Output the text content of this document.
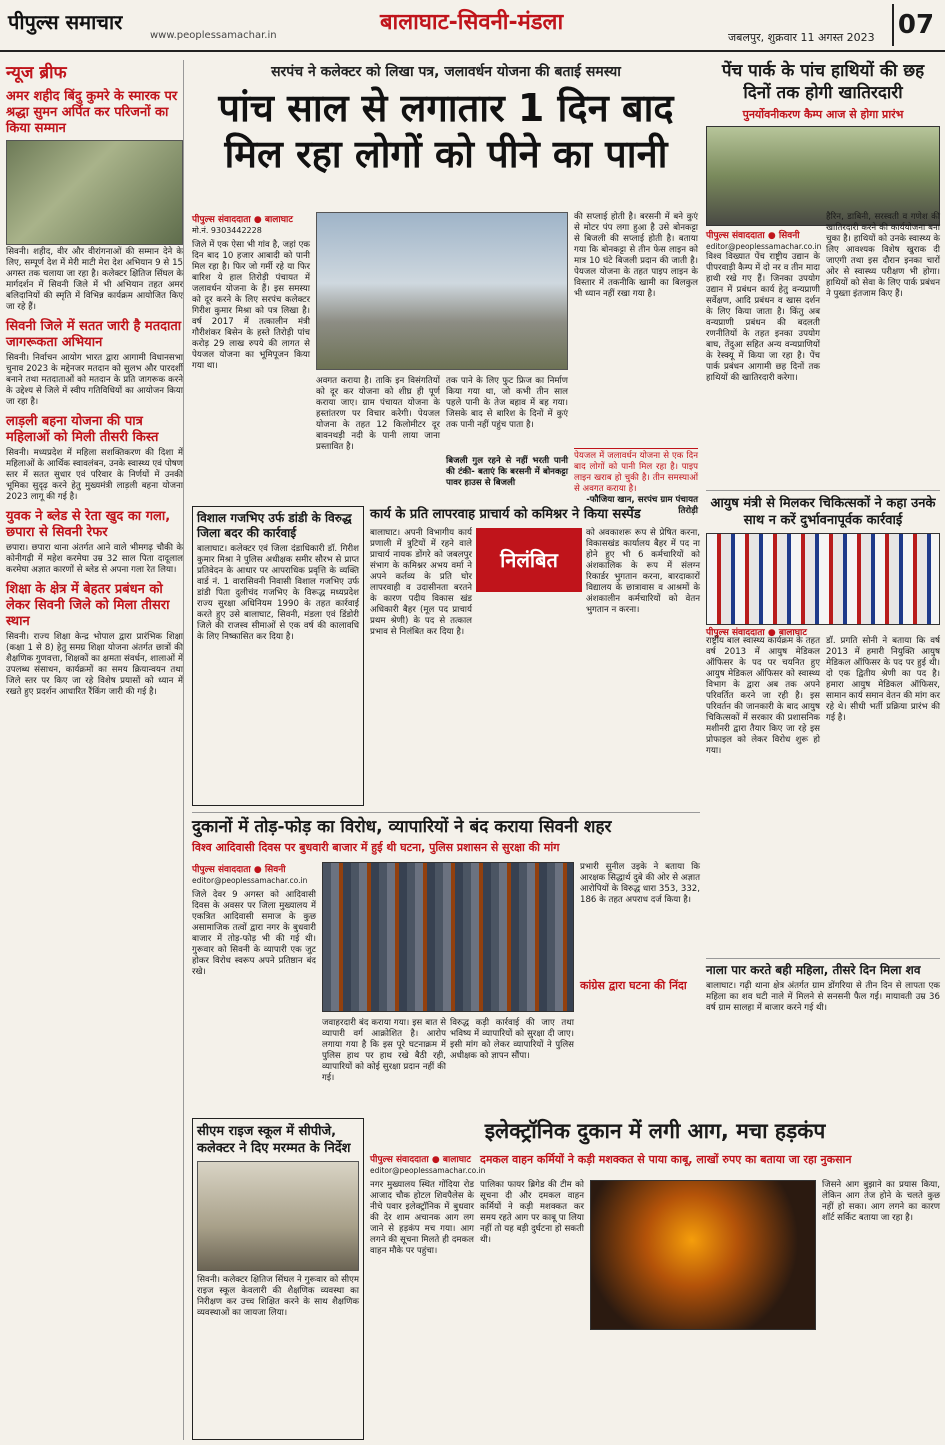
पीपुल्स समाचार
www.peoplessamachar.in
बालाघाट-सिवनी-मंडला
जबलपुर, शुक्रवार 11 अगस्त 2023 07
न्यूज ब्रीफ
अमर शहीद बिंदु कुमरे के स्मारक पर श्रद्धा सुमन अर्पित कर परिजनों का किया सम्मान

सिवनी। शहीद, वीर और वीरांगनाओं की सम्मान देने के लिए, सम्पूर्ण देश में मेरी माटी मेरा देश अभियान 9 से 15 अगस्त तक चलाया जा रहा है। कलेक्टर क्षितिज सिंघल के मार्गदर्शन में सिवनी जिले में भी अभियान तहत अमर बलिदानियों की स्मृति में विभिन्न कार्यक्रम आयोजित किए जा रहे हैं।

सिवनी जिले में सतत जारी है मतदाता जागरूकता अभियान

सिवनी। निर्वाचन आयोग भारत द्वारा आगामी विधानसभा चुनाव 2023 के मद्देनजर मतदान को सुलभ और पारदर्शी बनाने तथा मतदाताओं को मतदान के प्रति जागरूक करने के उद्देश्य से जिले में स्वीप गतिविधियों का आयोजन किया जा रहा है।

लाड़ली बहना योजना की पात्र महिलाओं को मिली तीसरी किस्त

सिवनी। मध्यप्रदेश में महिला सशक्तिकरण की दिशा में महिलाओं के आर्थिक स्वावलंबन, उनके स्वास्थ्य एवं पोषण स्तर में सतत सुधार एवं परिवार के निर्णयों में उनकी भूमिका सुदृढ़ करने हेतु मुख्यमंत्री लाड़ली बहना योजना 2023 लागू की गई है।

युवक ने ब्लेड से रेता खुद का गला, छपारा से सिवनी रेफर

छपारा। छपारा थाना अंतर्गत आने वाले भीमगढ़ चौकी के कोनीगढ़ी में महेश करमेघा उम्र 32 साल पिता दादूलाल करमेघा अज्ञात कारणों से ब्लेड से अपना गला रेत लिया।

शिक्षा के क्षेत्र में बेहतर प्रबंधन को लेकर सिवनी जिले को मिला तीसरा स्थान

सिवनी। राज्य शिक्षा केन्द्र भोपाल द्वारा प्रारंभिक शिक्षा (कक्षा 1 से 8) हेतु समग्र शिक्षा योजना अंतर्गत छात्रों की शैक्षणिक गुणवत्ता, शिक्षकों का क्षमता संवर्धन, शालाओं में उपलब्ध संसाधन, कार्यक्रमों का समय क्रियान्वयन तथा जिले स्तर पर किए जा रहे विशेष प्रयासों को ध्यान में रखते हुए प्रदर्शन आधारित रैंकिंग जारी की गई है।

सरपंच ने कलेक्टर को लिखा पत्र, जलावर्धन योजना की बताई समस्या
पांच साल से लगातार 1 दिन बाद
मिल रहा लोगों को पीने का पानी
पीपुल्स संवाददाता ● बालाघाट
मो.नं. 9303442228
जिले में एक ऐसा भी गांव है, जहां एक दिन बाद 10 हजार आबादी को पानी मिल रहा है। फिर जो गर्मी रहे या फिर बारिश ये हाल तिरोड़ी पंचायत में जलावर्धन योजना के हैं। इस समस्या को दूर करने के लिए सरपंच कलेक्टर गिरीश कुमार मिश्रा को पत्र लिखा है। वर्ष 2017 में तत्कालीन मंत्री गौरीशंकर बिसेन के हस्ते तिरोड़ी पांच करोड़ 29 लाख रुपये की लागत से पेयजल योजना का भूमिपूजन किया गया था।
अवगत कराया है। ताकि इन विसंगतियों को दूर कर योजना को शीघ्र ही पूर्ण कराया जाए। ग्राम पंचायत योजना के हस्तांतरण पर विचार करेगी। पेयजल योजना के तहत 12 किलोमीटर दूर बावनथड़ी नदी के पानी लाया जाना प्रस्तावित है।
तक पाने के लिए फुट फ्रिज का निर्माण किया गया था, जो कभी तीन साल पहले पानी के तेज बहाव में बह गया। जिसके बाद से बारिश के दिनों में कुएं तक पानी नहीं पहुंच पाता है।
की सप्लाई होती है। बरसनी में बने कुएं से मोटर पंप लगा हुआ है उसे बोनकट्टा से बिजली की सप्लाई होती है। बताया गया कि बोनकट्टा से तीन फेस लाइन को मात्र 10 घंटे बिजली प्रदान की जाती है। पेयजल योजना के तहत पाइप लाइन के विस्तार में तकनीकि खामी का बिलकुल भी ध्यान नहीं रखा गया है।
पेयजल में जलावर्धन योजना से एक दिन बाद लोगों को पानी मिल रहा है। पाइप लाइन खराब हो चुकी है। तीन समस्याओं से अवगत कराया है।
-फौजिया खान, सरपंच ग्राम पंचायत तिरोड़ी
बिजली गुल रहने से नहीं भरती पानी की टंकी- बताएं कि बरसनी में बोनकट्टा पावर हाउस से बिजली
पेंच पार्क के पांच हाथियों की छह दिनों तक होगी खातिरदारी
पुनर्योवनीकरण कैम्प आज से होगा प्रारंभ
पीपुल्स संवाददाता ● सिवनी
editor@peoplessamachar.co.in
विश्व विख्यात पेंच राष्ट्रीय उद्यान के पीपरवाड़ी कैम्प में दो नर व तीन मादा हाथी रखे गए हैं। जिनका उपयोग उद्यान में प्रबंधन कार्य हेतु वन्यप्राणी सर्वेक्षण, आदि प्रबंधन व खास दर्शन के लिए किया जाता है। किंतु अब वन्यप्राणी प्रबंधन की बदलती रणनीतियों के तहत इनका उपयोग बाघ, तेंदुआ सहित अन्य वन्यप्राणियों के रेस्क्यू में किया जा रहा है। पेंच पार्क प्रबंधन आगामी छह दिनों तक हाथियों की खातिरदारी करेगा।
हैरिन, डाबिनी, सरस्वती व गणेश की खातिरदारी करने की कार्ययोजना बना चुका है। हाथियों को उनके स्वास्थ्य के लिए आवश्यक विशेष खुराक दी जाएगी तथा इस दौरान इनका चारों ओर से स्वास्थ्य परीक्षण भी होगा। हाथियों को सेवा के लिए पार्क प्रबंधन ने पुख्ता इंतजाम किए हैं।
आयुष मंत्री से मिलकर चिकित्सकों ने कहा उनके साथ न करें दुर्भावनापूर्वक कार्रवाई
पीपुल्स संवाददाता ● बालाघाट
राष्ट्रीय बाल स्वास्थ्य कार्यक्रम के तहत वर्ष 2013 में आयुष मेडिकल ऑफिसर के पद पर चयनित हुए आयुष मेडिकल ऑफिसर को स्वास्थ्य विभाग के द्वारा अब तक अपने परिवर्तित करने जा रही है। इस परिवर्तन की जानकारी के बाद आयुष चिकित्सकों में सरकार की प्रशासनिक मशीनरी द्वारा तैयार किए जा रहे इस प्रोफाइल को लेकर विरोध शुरू हो गया।
डॉ. प्रगति सोनी ने बताया कि वर्ष 2013 में हमारी नियुक्ति आयुष मेडिकल ऑफिसर के पद पर हुई थी। दो एक द्वितीय श्रेणी का पद है। हमारा आयुष मेडिकल ऑफिसर, सामान कार्य समान वेतन की मांग कर रहे थे। सीधी भर्ती प्रक्रिया प्रारंभ की गई है।
नाला पार करते बही महिला, तीसरे दिन मिला शव
बालाघाट। गढ़ी थाना क्षेत्र अंतर्गत ग्राम डोंगरिया से तीन दिन से लापता एक महिला का शव घटी नाले में मिलने से सनसनी फैल गई। मायावती उम्र 36 वर्ष ग्राम सालहा में बाजार करने गई थी।
विशाल गजभिए उर्फ डांडी के विरुद्ध जिला बदर की कार्रवाई
बालाघाट। कलेक्टर एवं जिला दंडाधिकारी डॉ. गिरीश कुमार मिश्रा ने पुलिस अधीक्षक समीर सौरभ से प्राप्त प्रतिवेदन के आधार पर आपराधिक प्रवृत्ति के व्यक्ति वार्ड नं. 1 वारासिवनी निवासी विशाल गजभिए उर्फ डांडी पिता दुलीचंद गजभिए के विरूद्ध मध्यप्रदेश राज्य सुरक्षा अधिनियम 1990 के तहत कार्रवाई करते हुए उसे बालाघाट, सिवनी, मंडला एवं डिंडोरी जिले की राजस्व सीमाओं से एक वर्ष की कालावधि के लिए निष्कासित कर दिया है।
कार्य के प्रति लापरवाह प्राचार्य को कमिश्नर ने किया सस्पेंड
निलंबित
बालाघाट। अपनी विभागीय कार्य प्रणाली में त्रुटियों में रहने वाले प्राचार्य नायक डोंगरे को जबलपुर संभाग के कमिश्नर अभय वर्मा ने अपने कर्तव्य के प्रति घोर लापरवाही व उदासीनता बरतने के कारण पदीय विकास खंड अधिकारी बैहर (मूल पद प्राचार्य प्रथम श्रेणी) के पद से तत्काल प्रभाव से निलंबित कर दिया है।
को अवकाशरू रूप से प्रेषित करना, विकासखंड कार्यालय बैहर में पद ना होने हुए भी 6 कर्मचारियों को अंशकालिक के रूप में संलग्न रिकार्डर भुगतान करना, बारदाकारों विद्यालय के छात्रावास व आश्रमों के अंशकालीन कर्मचारियों को वेतन भुगतान न करना।
दुकानों में तोड़-फोड़ का विरोध, व्यापारियों ने बंद कराया सिवनी शहर
विश्व आदिवासी दिवस पर बुधवारी बाजार में हुई थी घटना, पुलिस प्रशासन से सुरक्षा की मांग
पीपुल्स संवाददाता ● सिवनी
editor@peoplessamachar.co.in
जिले देवर 9 अगस्त को आदिवासी दिवस के अवसर पर जिला मुख्यालय में एकत्रित आदिवासी समाज के कुछ असामाजिक तत्वों द्वारा नगर के बुधवारी बाजार में तोड़-फोड़ भी की गई थी। गुरूवार को सिवनी के व्यापारी एक जुट होकर विरोध स्वरूप अपने प्रतिष्ठान बंद रखे।
जवाहरदारी बंद कराया गया। इस बात से व्यापारी वर्ग आक्रोशित है। आरोप लगाया गया है कि इस पूरे घटनाक्रम में पुलिस हाथ पर हाथ रखे बैठी रही, व्यापारियों को कोई सुरक्षा प्रदान नहीं की गई।
विरुद्ध कड़ी कार्रवाई की जाए तथा भविष्य में व्यापारियों को सुरक्षा दी जाए। इसी मांग को लेकर व्यापारियों ने पुलिस अधीक्षक को ज्ञापन सौंपा।
प्रभारी सुनील उइके ने बताया कि आरक्षक सिद्धार्थ दुबे की ओर से अज्ञात आरोपियों के विरुद्ध धारा 353, 332, 186 के तहत अपराध दर्ज किया है।
कांग्रेस द्वारा घटना की निंदा
सीएम राइज स्कूल में सीपीजे, कलेक्टर ने दिए मरम्मत के निर्देश
सिवनी। कलेक्टर क्षितिज सिंघल ने गुरूवार को सीएम राइज स्कूल केवलारी की शैक्षणिक व्यवस्था का निरीक्षण कर उच्च शिक्षित करने के साथ शैक्षणिक व्यवस्थाओं का जायजा लिया।
इलेक्ट्रॉनिक दुकान में लगी आग, मचा हड़कंप
पीपुल्स संवाददाता ● बालाघाट
editor@peoplessamachar.co.in
दमकल वाहन कर्मियों ने कड़ी मशक्कत से पाया काबू, लाखों रुपए का बताया जा रहा नुकसान
नगर मुख्यालय स्थित गोंदिया रोड आजाद चौक होटल शिवपैलेस के नीचे पवार इलेक्ट्रॉनिक में बुधवार की देर शाम अचानक आग लग जाने से हड़कंप मच गया। आग लगने की सूचना मिलते ही दमकल वाहन मौके पर पहुंचा।
पालिका फायर ब्रिगेड की टीम को सूचना दी और दमकल वाहन कर्मियों ने कड़ी मशक्कत कर समय रहते आग पर काबू पा लिया नहीं तो यह बड़ी दुर्घटना हो सकती थी।
जिसने आग बुझाने का प्रयास किया, लेकिन आग तेज होने के चलते कुछ नहीं हो सका। आग लगने का कारण शॉर्ट सर्किट बताया जा रहा है।
